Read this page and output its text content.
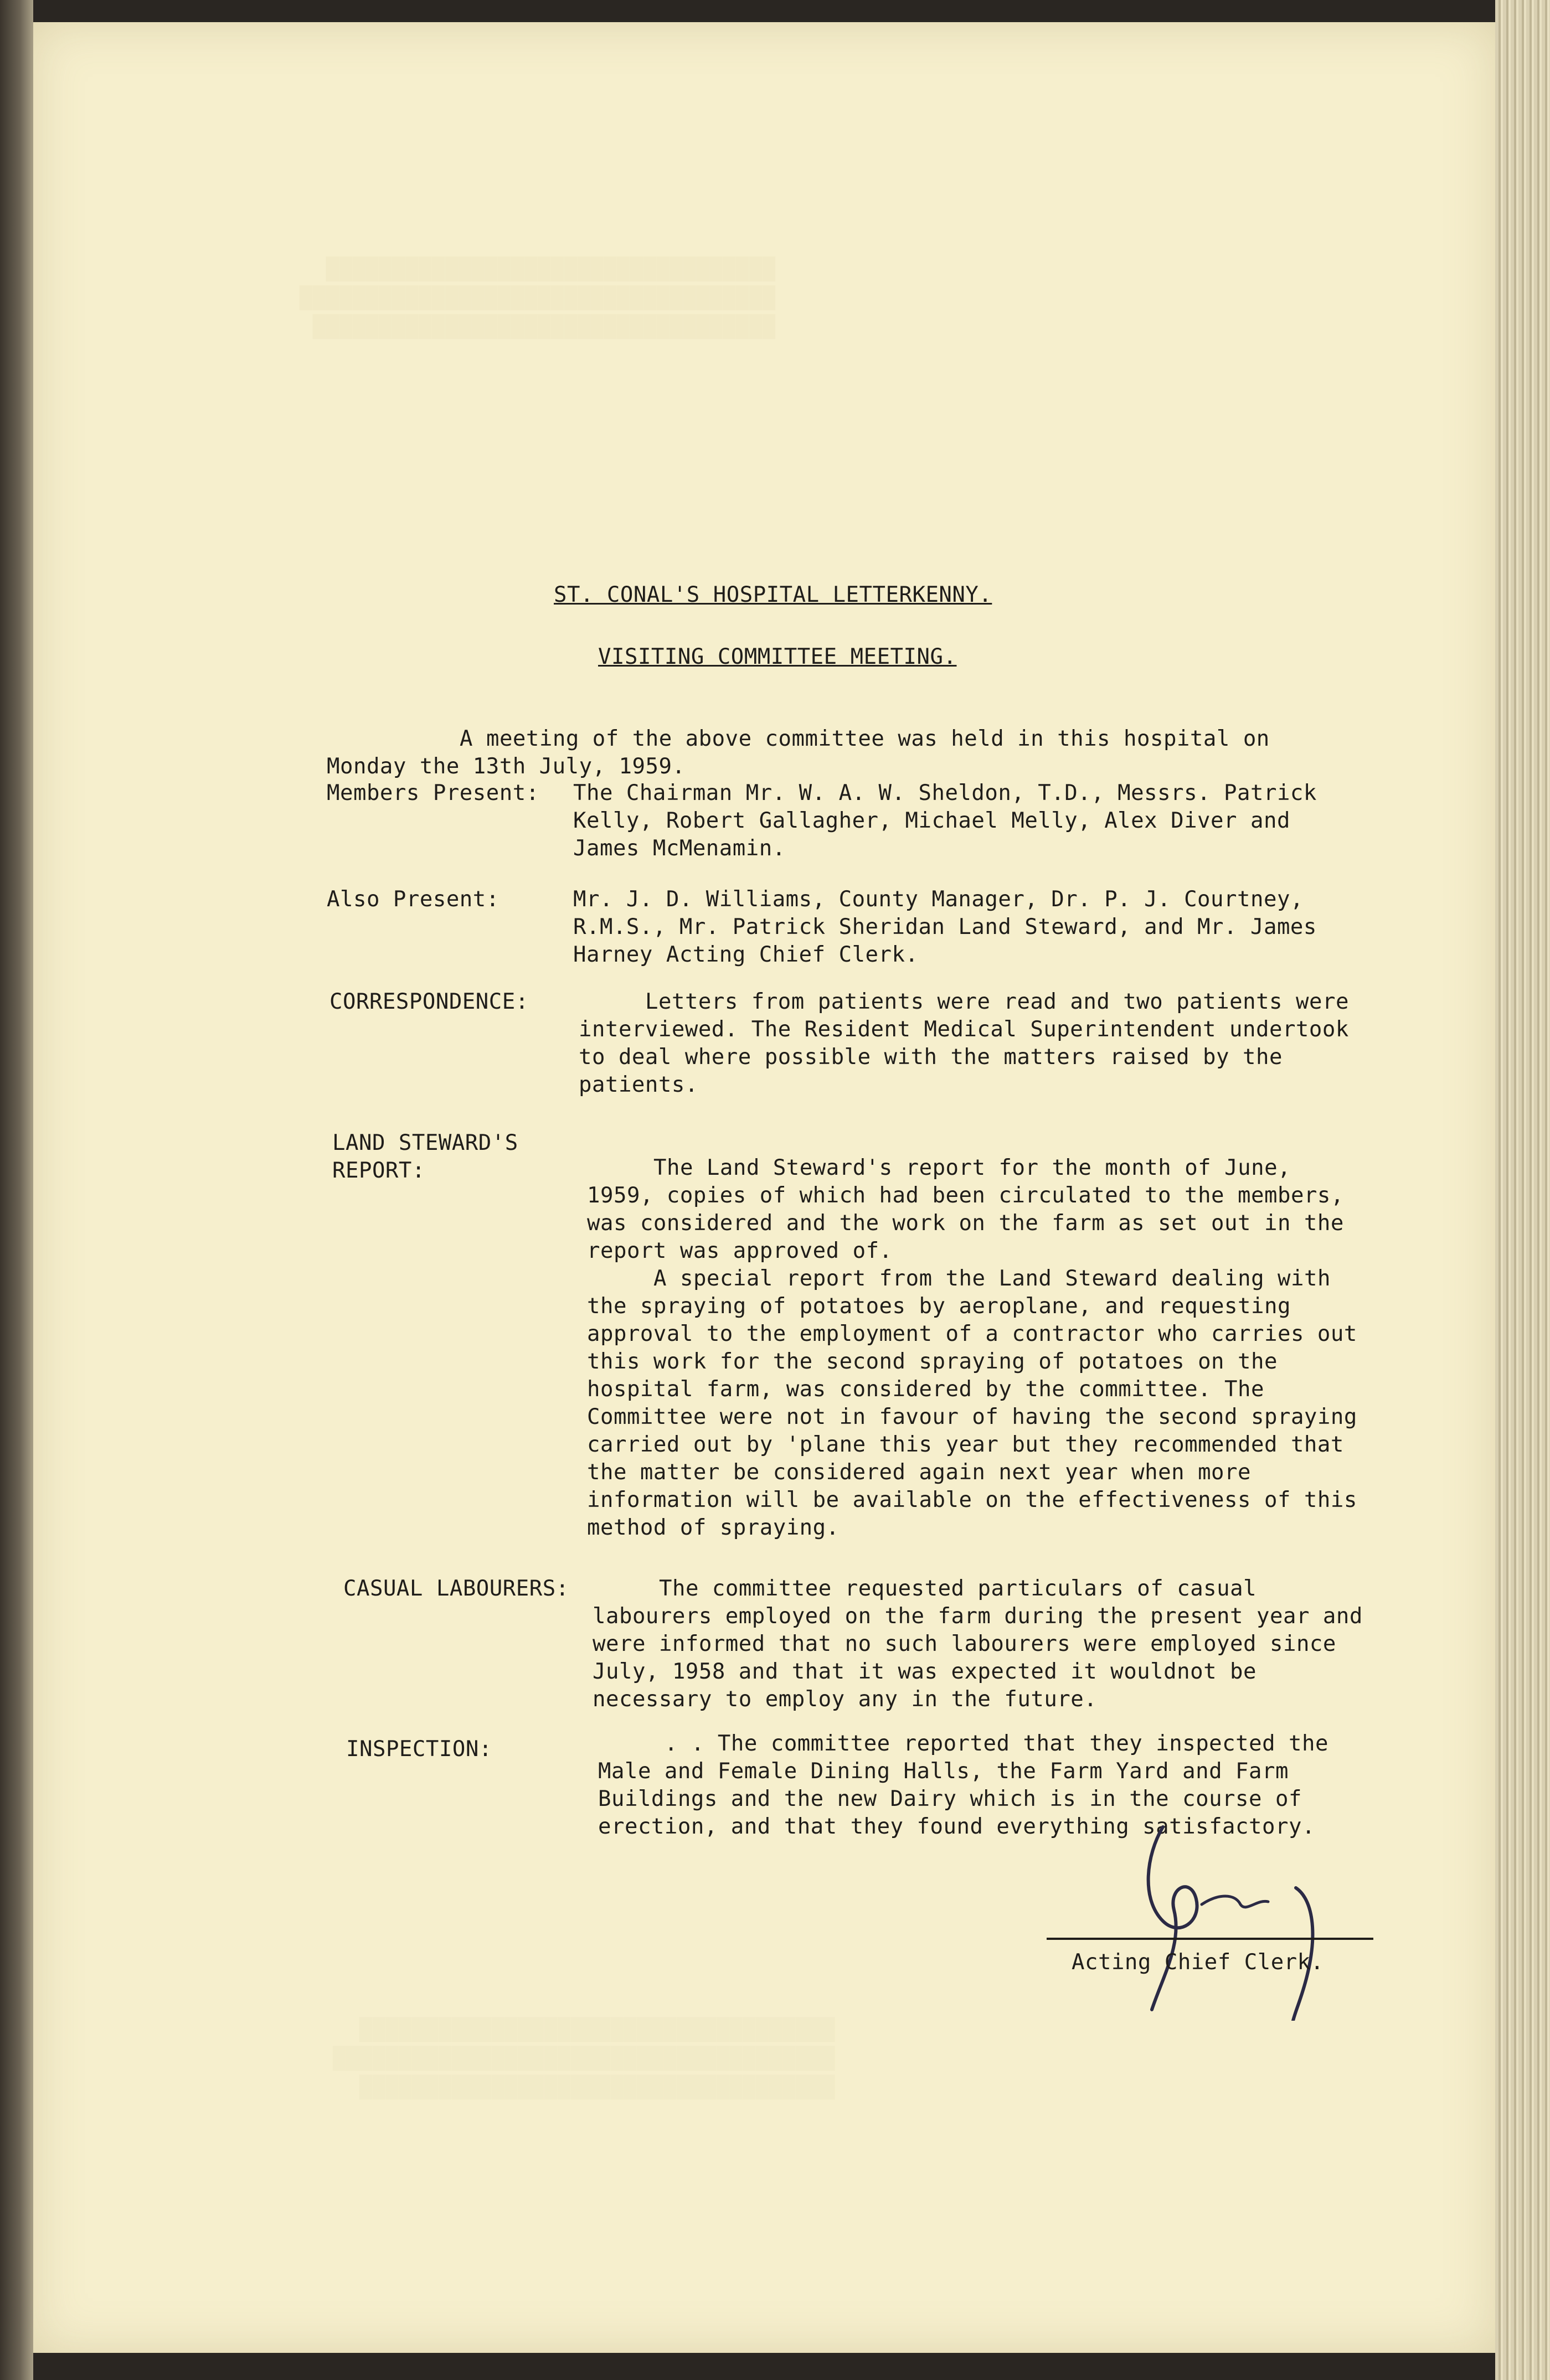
██████████████████████████████████
████████████████████████████████████
███████████████████████████████████
████████████████████████████████████
██████████████████████████████████████
████████████████████████████████████
ST. CONAL'S HOSPITAL LETTERKENNY.
VISITING COMMITTEE MEETING.
A meeting of the above committee was held in this hospital on Monday the 13th July, 1959.
Members Present: The Chairman Mr. W. A. W. Sheldon, T.D., Messrs. Patrick Kelly, Robert Gallagher, Michael Melly, Alex Diver and James McMenamin.
Also Present:	Mr. J. D. Williams, County Manager, Dr. P. J. Courtney, R.M.S., Mr. Patrick Sheridan Land Steward, and Mr. James Harney Acting Chief Clerk.
CORRESPONDENCE:	Letters from patients were read and two patients were interviewed. The Resident Medical Superintendent undertook to deal where possible with the matters raised by the patients.
LAND STEWARD'S
REPORT:	The Land Steward's report for the month of June, 1959, copies of which had been circulated to the members, was considered and the work on the farm as set out in the report was approved of.
A special report from the Land Steward dealing with the spraying of potatoes by aeroplane, and requesting approval to the employment of a contractor who carries out this work for the second spraying of potatoes on the hospital farm, was considered by the committee. The Committee were not in favour of having the second spraying carried out by 'plane this year but they recommended that the matter be considered again next year when more information will be available on the effectiveness of this method of spraying.
CASUAL LABOURERS:	The committee requested particulars of casual labourers employed on the farm during the present year and were informed that no such labourers were employed since July, 1958 and that it was expected it wouldnot be necessary to employ any in the future.
INSPECTION:	. . The committee reported that they inspected the Male and Female Dining Halls, the Farm Yard and Farm Buildings and the new Dairy which is in the course of erection, and that they found everything satisfactory.
Acting Chief Clerk.
